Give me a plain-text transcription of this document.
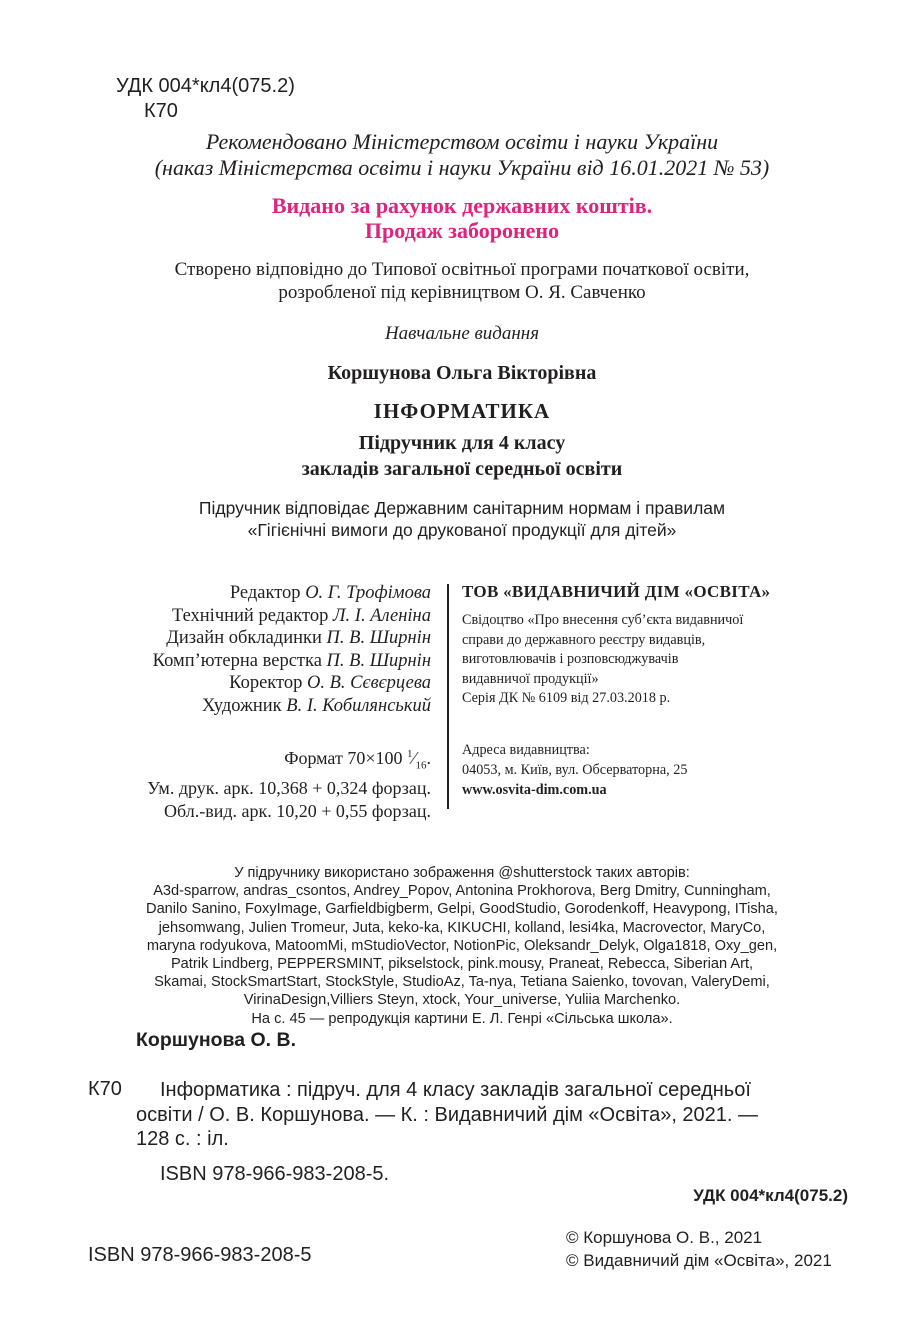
УДК 004*кл4(075.2)
К70
Рекомендовано Міністерством освіти і науки України
(наказ Міністерства освіти і науки України від 16.01.2021 № 53)
Видано за рахунок державних коштів.
Продаж заборонено
Створено відповідно до Типової освітньої програми початкової освіти,
розробленої під керівництвом О. Я. Савченко
Навчальне видання
Коршунова Ольга Вікторівна
ІНФОРМАТИКА
Підручник для 4 класу
закладів загальної середньої освіти
Підручник відповідає Державним санітарним нормам і правилам
«Гігієнічні вимоги до друкованої продукції для дітей»
Редактор О. Г. Трофімова
Технічний редактор Л. І. Аленіна
Дизайн обкладинки П. В. Ширнін
Комп’ютерна верстка П. В. Ширнін
Коректор О. В. Сєвєрцева
Художник В. І. Кобилянський
Формат 70×100 $^1⁄_{16}$.
Ум. друк. арк. 10,368 + 0,324 форзац.
Обл.-вид. арк. 10,20 + 0,55 форзац.
ТОВ «ВИДАВНИЧИЙ ДІМ «ОСВІТА»
Свідоцтво «Про внесення суб’єкта видавничої
справи до державного реєстру видавців,
виготовлювачів і розповсюджувачів
видавничої продукції»
Серія ДК № 6109 від 27.03.2018 р.
Адреса видавництва:
04053, м. Київ, вул. Обсерваторна, 25
www.osvita-dim.com.ua
У підручнику використано зображення @shutterstock таких авторів:
A3d-sparrow, andras_csontos, Andrey_Popov, Antonina Prokhorova, Berg Dmitry, Cunningham,
Danilo Sanino, FoxyImage, Garfieldbigberm, Gelpi, GoodStudio, Gorodenkoff, Heavypong, ITisha,
jehsomwang, Julien Tromeur, Juta, keko-ka, KIKUCHI, kolland, lesi4ka, Macrovector, MaryCo,
maryna rodyukova, MatoomMi, mStudioVector, NotionPic, Oleksandr_Delyk, Olga1818, Oxy_gen,
Patrik Lindberg, PEPPERSMINT, pikselstock, pink.mousy, Praneat, Rebecca, Siberian Art,
Skamai, StockSmartStart, StockStyle, StudioAz, Ta-nya, Tetiana Saienko, tovovan, ValeryDemi,
VirinaDesign,Villiers Steyn, xtock, Your_universe, Yuliia Marchenko.
На с. 45 — репродукція картини Е. Л. Генрі «Сільська школа».
Коршунова О. В.
К70 Інформатика : підруч. для 4 класу закладів загальної середньої
освіти / О. В. Коршунова. — К. : Видавничий дім «Освіта», 2021. —
128 с. : іл.
ISBN 978-966-983-208-5.
УДК 004*кл4(075.2)
© Коршунова О. В., 2021
© Видавничий дім «Освіта», 2021
ISBN 978-966-983-208-5
